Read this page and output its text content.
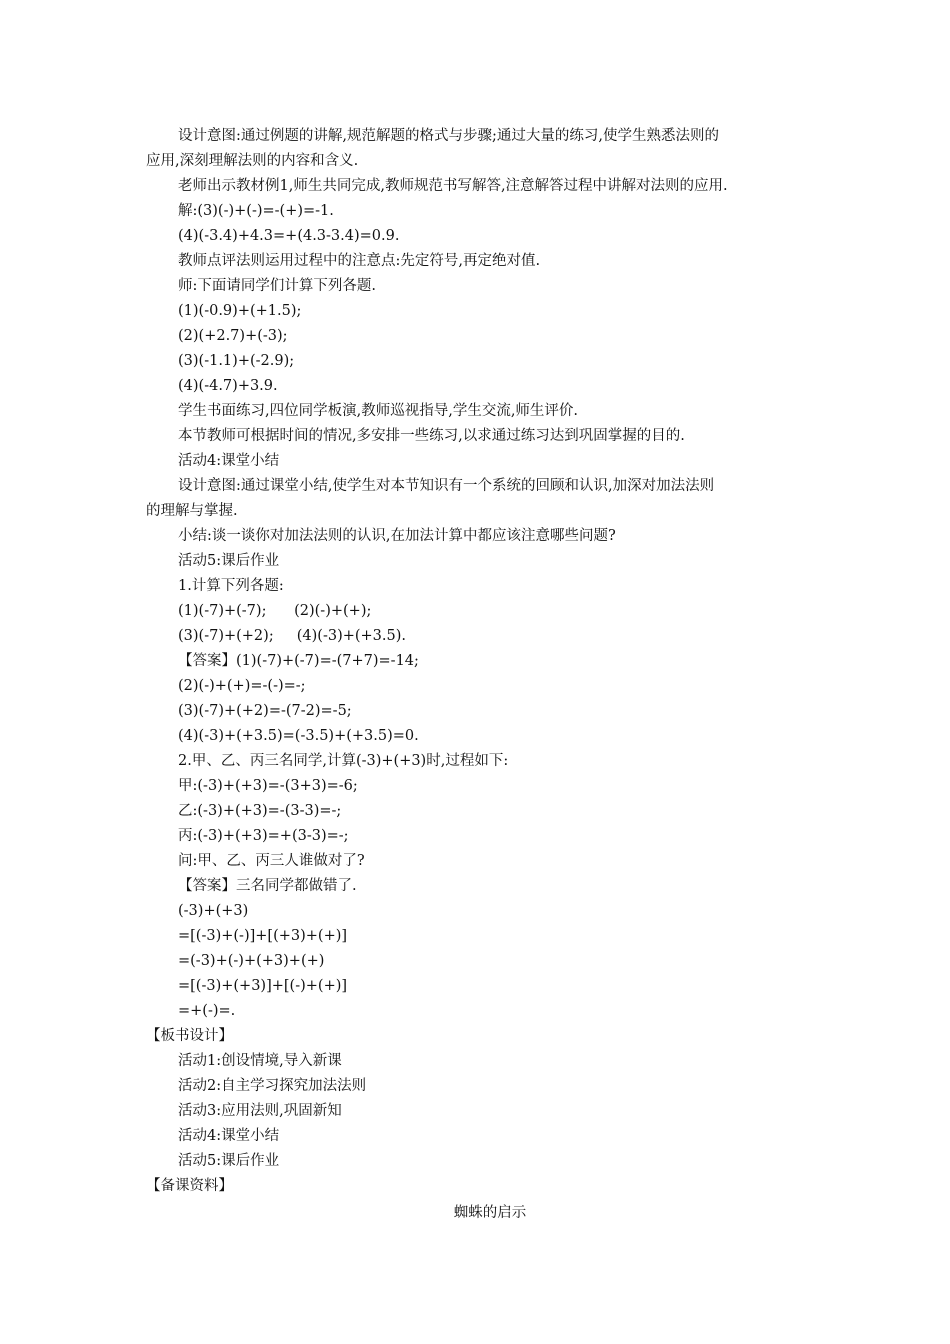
设计意图:通过例题的讲解,规范解题的格式与步骤;通过大量的练习,使学生熟悉法则的
应用,深刻理解法则的内容和含义.
老师出示教材例1,师生共同完成,教师规范书写解答,注意解答过程中讲解对法则的应用.
解:(3)(-)+(-)=-(+)=-1.
(4)(-3.4)+4.3=+(4.3-3.4)=0.9.
教师点评法则运用过程中的注意点:先定符号,再定绝对值.
师:下面请同学们计算下列各题.
(1)(-0.9)+(+1.5);
(2)(+2.7)+(-3);
(3)(-1.1)+(-2.9);
(4)(-4.7)+3.9.
学生书面练习,四位同学板演,教师巡视指导,学生交流,师生评价.
本节教师可根据时间的情况,多安排一些练习,以求通过练习达到巩固掌握的目的.
活动4:课堂小结
设计意图:通过课堂小结,使学生对本节知识有一个系统的回顾和认识,加深对加法法则
的理解与掌握.
小结:谈一谈你对加法法则的认识,在加法计算中都应该注意哪些问题?
活动5:课后作业
1.计算下列各题:
(1)(-7)+(-7);      (2)(-)+(+);
(3)(-7)+(+2);     (4)(-3)+(+3.5).
【答案】(1)(-7)+(-7)=-(7+7)=-14;
(2)(-)+(+)=-(-)=-;
(3)(-7)+(+2)=-(7-2)=-5;
(4)(-3)+(+3.5)=(-3.5)+(+3.5)=0.
2.甲、乙、丙三名同学,计算(-3)+(+3)时,过程如下:
甲:(-3)+(+3)=-(3+3)=-6;
乙:(-3)+(+3)=-(3-3)=-;
丙:(-3)+(+3)=+(3-3)=-;
问:甲、乙、丙三人谁做对了?
【答案】三名同学都做错了.
(-3)+(+3)
=[(-3)+(-)]+[(+3)+(+)]
=(-3)+(-)+(+3)+(+)
=[(-3)+(+3)]+[(-)+(+)]
=+(-)=.
【板书设计】
活动1:创设情境,导入新课
活动2:自主学习探究加法法则
活动3:应用法则,巩固新知
活动4:课堂小结
活动5:课后作业
【备课资料】
蜘蛛的启示
